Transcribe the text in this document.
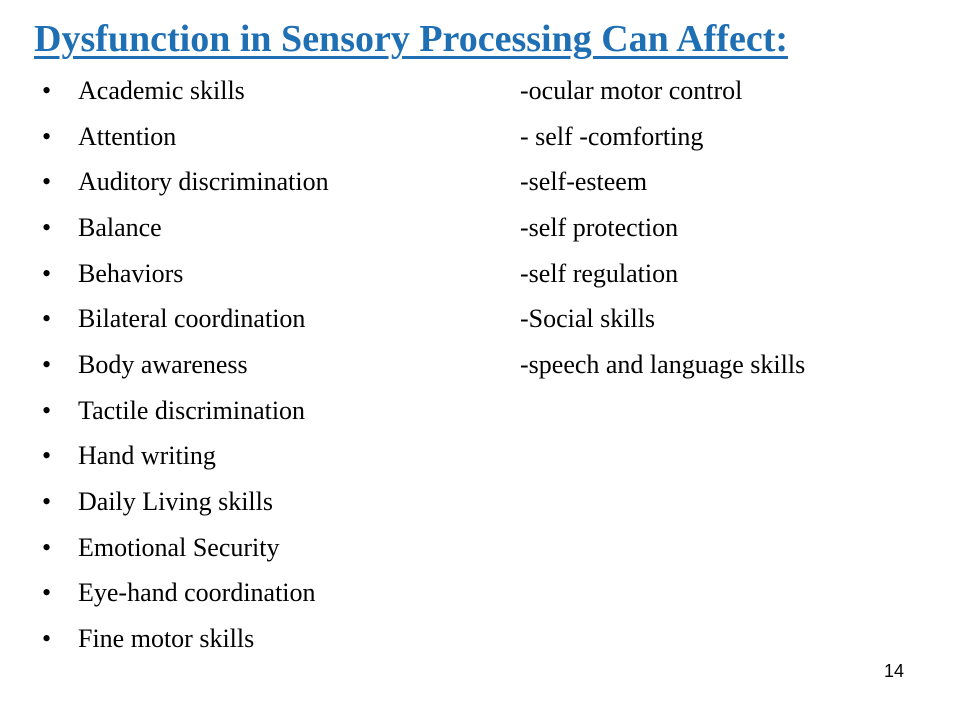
Dysfunction in Sensory Processing Can Affect:
•	Academic skills
•	Attention
•	Auditory discrimination
•	Balance
•	Behaviors
•	Bilateral coordination
•	Body awareness
•	Tactile discrimination
•	Hand writing
•	Daily Living skills
•	Emotional Security
•	Eye-hand coordination
•	Fine motor skills
-ocular motor control
- self -comforting
-self-esteem
-self protection
-self regulation
-Social skills
-speech and language skills
14
